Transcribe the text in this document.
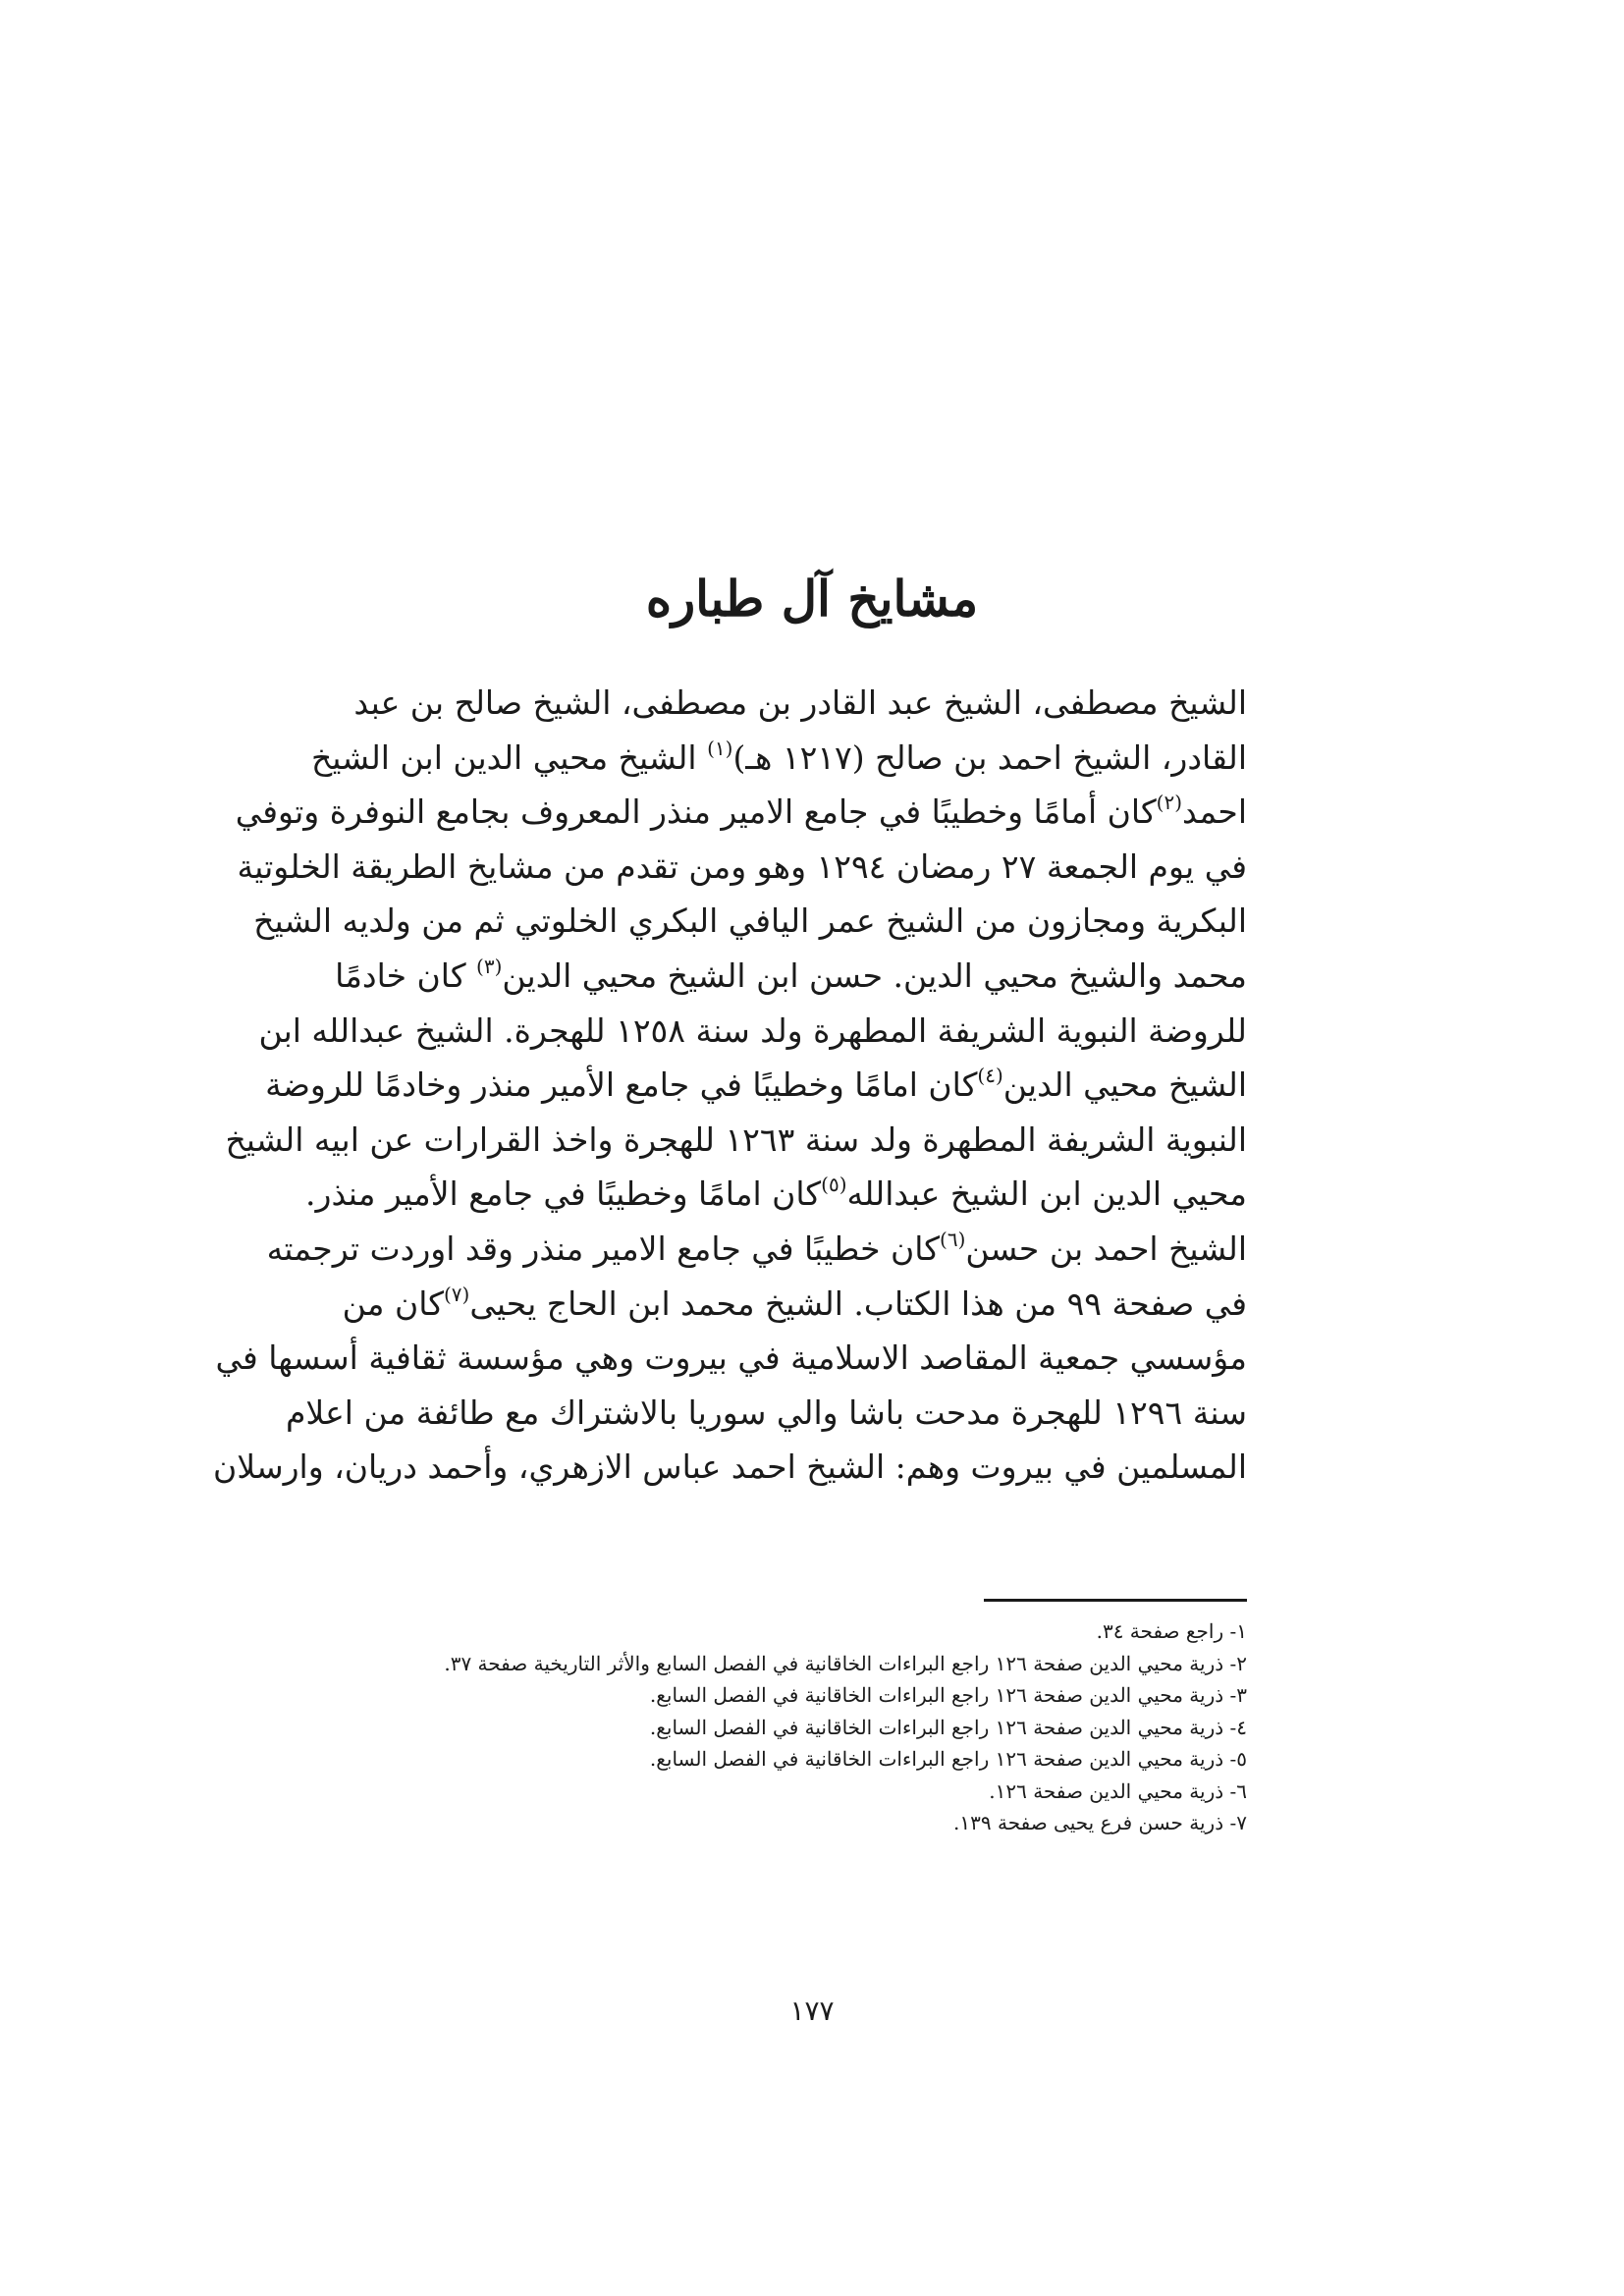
مشايخ آل طباره
الشيخ مصطفى، الشيخ عبد القادر بن مصطفى، الشيخ صالح بن عبد
القادر، الشيخ احمد بن صالح (١٢١٧ هـ)$^{(١)}$ الشيخ محيي الدين ابن الشيخ
احمد$^{(٢)}$كان أمامًا وخطيبًا في جامع الامير منذر المعروف بجامع النوفرة وتوفي
في يوم الجمعة ٢٧ رمضان ١٢٩٤ وهو ومن تقدم من مشايخ الطريقة الخلوتية
البكرية ومجازون من الشيخ عمر اليافي البكري الخلوتي ثم من ولديه الشيخ
محمد والشيخ محيي الدين. حسن ابن الشيخ محيي الدين$^{(٣)}$ كان خادمًا
للروضة النبوية الشريفة المطهرة ولد سنة ١٢٥٨ للهجرة. الشيخ عبدالله ابن
الشيخ محيي الدين$^{(٤)}$كان امامًا وخطيبًا في جامع الأمير منذر وخادمًا للروضة
النبوية الشريفة المطهرة ولد سنة ١٢٦٣ للهجرة واخذ القرارات عن ابيه الشيخ
محيي الدين ابن الشيخ عبدالله$^{(٥)}$كان امامًا وخطيبًا في جامع الأمير منذر.
الشيخ احمد بن حسن$^{(٦)}$كان خطيبًا في جامع الامير منذر وقد اوردت ترجمته
في صفحة ٩٩ من هذا الكتاب. الشيخ محمد ابن الحاج يحيى$^{(٧)}$كان من
مؤسسي جمعية المقاصد الاسلامية في بيروت وهي مؤسسة ثقافية أسسها في
سنة ١٢٩٦ للهجرة مدحت باشا والي سوريا بالاشتراك مع طائفة من اعلام
المسلمين في بيروت وهم: الشيخ احمد عباس الازهري، وأحمد دريان، وارسلان
١- راجع صفحة ٣٤.
٢- ذرية محيي الدين صفحة ١٢٦ راجع البراءات الخاقانية في الفصل السابع والأثر التاريخية صفحة ٣٧.
٣- ذرية محيي الدين صفحة ١٢٦ راجع البراءات الخاقانية في الفصل السابع.
٤- ذرية محيي الدين صفحة ١٢٦ راجع البراءات الخاقانية في الفصل السابع.
٥- ذرية محيي الدين صفحة ١٢٦ راجع البراءات الخاقانية في الفصل السابع.
٦- ذرية محيي الدين صفحة ١٢٦.
٧- ذرية حسن فرع يحيى صفحة ١٣٩.
١٧٧
